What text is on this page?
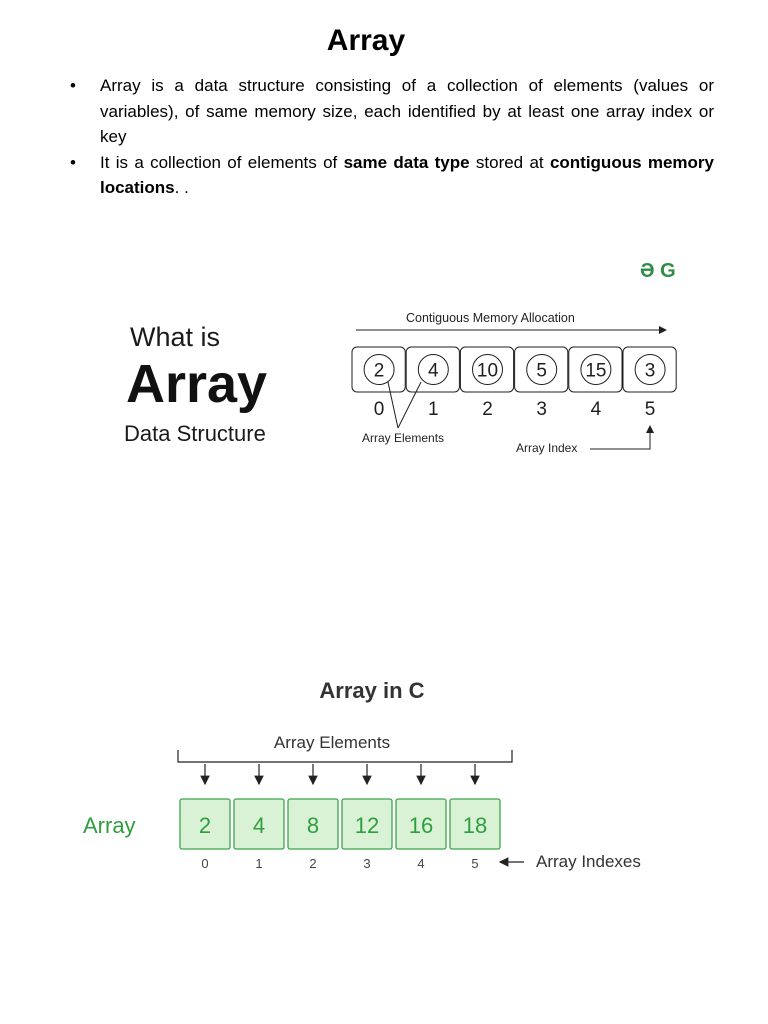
Array
• Array is a data structure consisting of a collection of elements (values or variables), of same memory size, each identified by at least one array index or key
• It is a collection of elements of same data type stored at contiguous memory locations. .
Ə G
What is
Array
Data Structure
Contiguous Memory Allocation
2
0
4
1
10
2
5
3
15
4
3
5
Array Elements
Array Index
Array in C
Array Elements
2
0
4
1
8
2
12
3
16
4
18
5
Array
Array Indexes
